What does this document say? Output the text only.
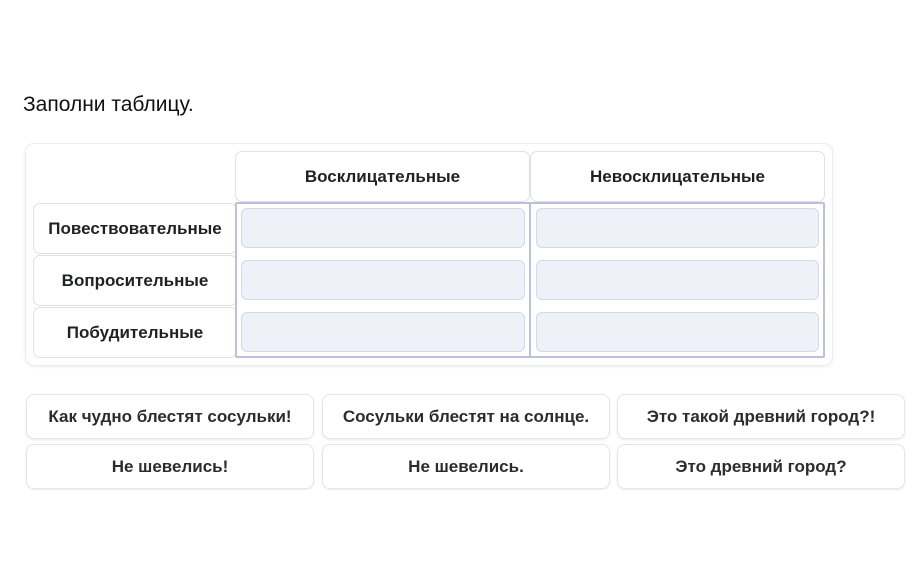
Заполни таблицу.
Восклицательные	Невосклицательные
Повествовательные
Вопросительные
Побудительные
Как чудно блестят сосульки!	Сосульки блестят на солнце.	Это такой древний город?!
Не шевелись!	Не шевелись.	Это древний город?
